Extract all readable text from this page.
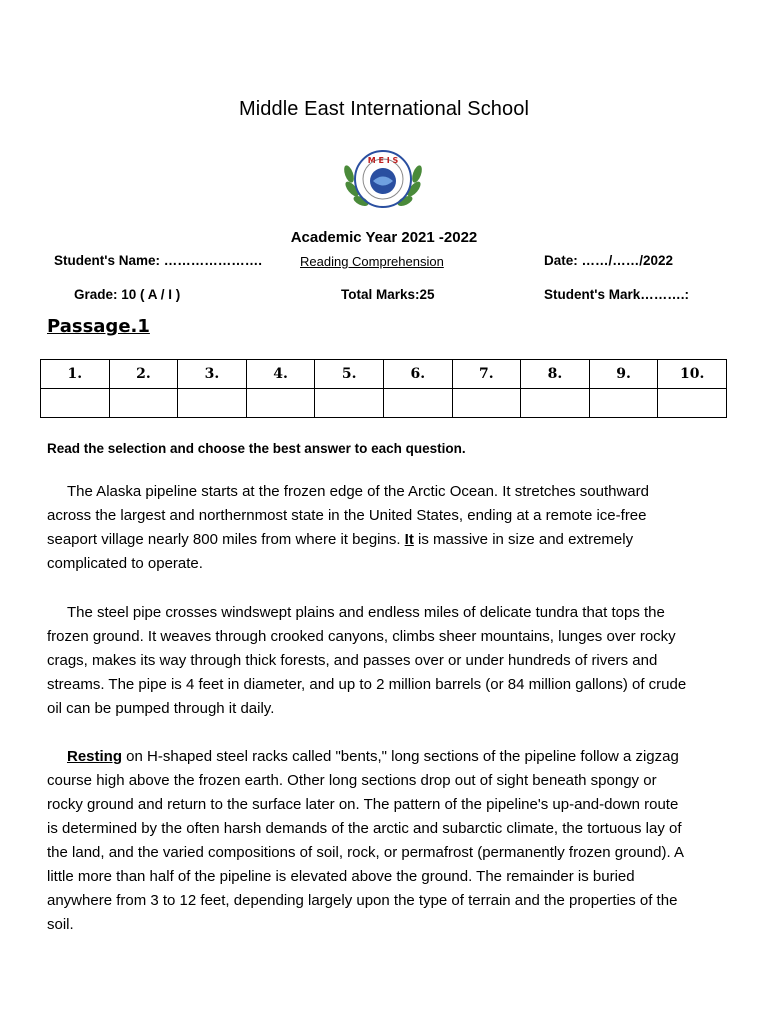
Middle East International School
M E I S
Academic Year 2021 -2022
Student's Name: ………………….	Reading Comprehension	Date: ……/……/2022
Grade: 10 ( A / I )	Total Marks:25	Student's Mark……….:
Passage.1
1.	2.	3.	4.	5.	6.	7.	8.	9.	10.

Read the selection and choose the best answer to each question.

The Alaska pipeline starts at the frozen edge of the Arctic Ocean. It stretches southward across the largest and northernmost state in the United States, ending at a remote ice-free seaport village nearly 800 miles from where it begins. It is massive in size and extremely complicated to operate.

The steel pipe crosses windswept plains and endless miles of delicate tundra that tops the frozen ground. It weaves through crooked canyons, climbs sheer mountains, lunges over rocky crags, makes its way through thick forests, and passes over or under hundreds of rivers and streams. The pipe is 4 feet in diameter, and up to 2 million barrels (or 84 million gallons) of crude oil can be pumped through it daily.

Resting on H-shaped steel racks called "bents," long sections of the pipeline follow a zigzag course high above the frozen earth. Other long sections drop out of sight beneath spongy or rocky ground and return to the surface later on. The pattern of the pipeline's up-and-down route is determined by the often harsh demands of the arctic and subarctic climate, the tortuous lay of the land, and the varied compositions of soil, rock, or permafrost (permanently frozen ground). A little more than half of the pipeline is elevated above the ground. The remainder is buried anywhere from 3 to 12 feet, depending largely upon the type of terrain and the properties of the soil.
